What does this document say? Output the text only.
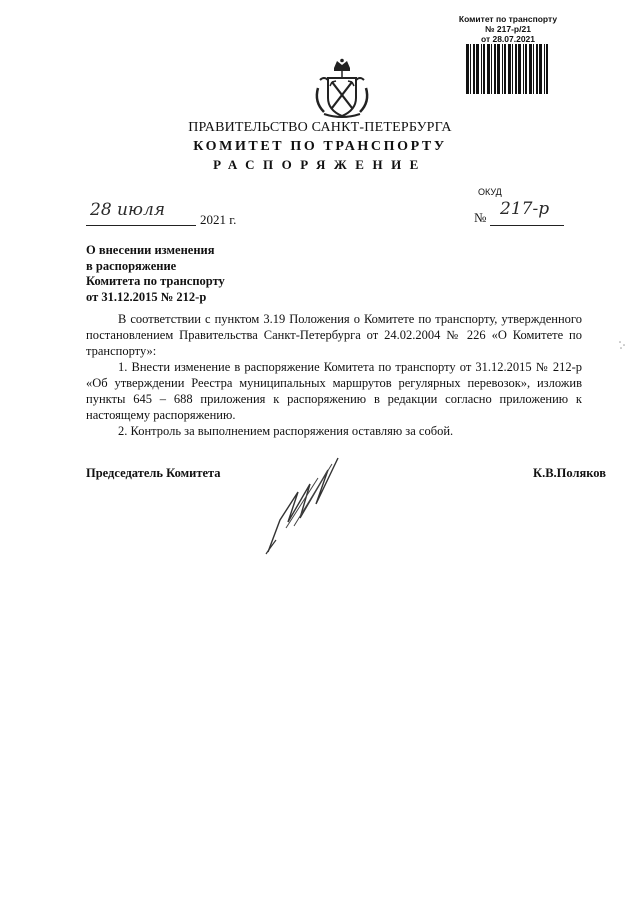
Комитет по транспорту
№ 217-р/21
от 28.07.2021
ПРАВИТЕЛЬСТВО САНКТ-ПЕТЕРБУРГА
КОМИТЕТ ПО ТРАНСПОРТУ
РАСПОРЯЖЕНИЕ
ОКУД
28 июля	2021 г.	№ 217-р
О внесении изменения
в распоряжение
Комитета по транспорту
от 31.12.2015 № 212-р

В соответствии с пунктом 3.19 Положения о Комитете по транспорту, утвержденного постановлением Правительства Санкт-Петербурга от 24.02.2004 № 226 «О Комитете по транспорту»:

1. Внести изменение в распоряжение Комитета по транспорту от 31.12.2015 № 212-р «Об утверждении Реестра муниципальных маршрутов регулярных перевозок», изложив пункты 645 – 688 приложения к распоряжению в редакции согласно приложению к настоящему распоряжению.

2. Контроль за выполнением распоряжения оставляю за собой.

Председатель Комитета	К.В.Поляков
